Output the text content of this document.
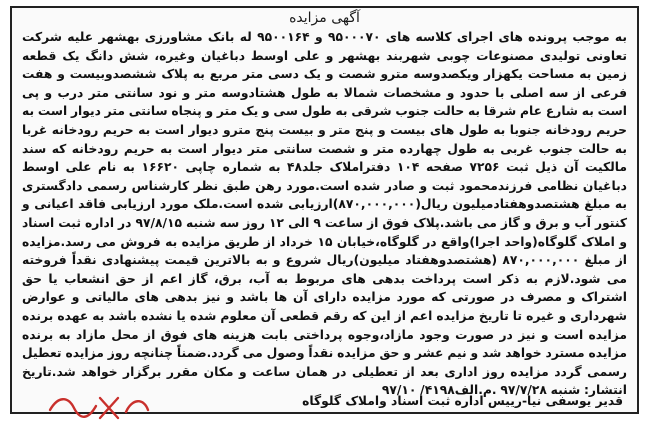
آگهی مزایده
به موجب پرونده های اجرای کلاسه های ۹۵۰۰۰۷۰ و ۹۵۰۰۱۶۴ له بانک مشاورزی بهشهر علیه شرکت تعاونی تولیدی مصنوعات چوبی شهربند بهشهر و علی اوسط دباغیان وغیره، شش دانگ یک قطعه زمین به مساحت یکهزار ویکصدوسه مترو شصت و یک دسی متر مربع به پلاک ششصدوبیست و هفت فرعی از سه اصلی با حدود و مشخصات شمالا به طول هشتادوسه متر و نود سانتی متر درب و پی است به شارع عام شرقا به حالت جنوب شرقی به طول سی و یک متر و پنجاه سانتی متر دیوار است به حریم رودخانه جنوبا به طول های بیست و پنج متر و بیست پنج مترو دیوار است به حریم رودخانه غربا به حالت جنوب غربی به طول چهارده متر و شصت سانتی متر دیوار است به حریم رودخانه که سند مالکیت آن ذیل ثبت ۷۲۵۶ صفحه ۱۰۴ دفتراملاک جلد۴۸ به شماره چاپی ۱۶۶۲۰ به نام علی اوسط دباغیان نظامی فرزندمحمود ثبت و صادر شده است.مورد رهن طبق نظر کارشناس رسمی دادگستری به مبلغ هشتصدوهفتادمیلیون ریال(۸۷۰,۰۰۰,۰۰۰)ارزیابی شده است.ملک مورد ارزیابی فاقد اعیانی و کنتور آب و برق و گاز می باشد.پلاک فوق از ساعت ۹ الی ۱۲ روز سه شنبه ۹۷/۸/۱۵ در اداره ثبت اسناد و املاک گلوگاه(واحد اجرا)واقع در گلوگاه،خیابان ۱۵ خرداد از طریق مزایده به فروش می رسد.مزایده از مبلغ ۸۷۰,۰۰۰,۰۰۰ (هشتصدوهفتاد میلیون)ریال شروع و به بالاترین قیمت پیشنهادی نقداً فروخته می شود.لازم به ذکر است پرداخت بدهی های مربوط به آب، برق، گاز اعم از حق انشعاب یا حق اشتراک و مصرف در صورتی که مورد مزایده دارای آن ها باشد و نیز بدهی های مالیاتی و عوارض شهرداری و غیره تا تاریخ مزایده اعم از این که رقم قطعی آن معلوم شده یا نشده باشد به عهده برنده مزایده است و نیز در صورت وجود مازاد،وجوه پرداختی بابت هزینه های فوق از محل مازاد به برنده مزایده مسترد خواهد شد و نیم عشر و حق مزایده نقداً وصول می گردد.ضمناً چنانچه روز مزایده تعطیل رسمی گردد مزایده روز اداری بعد از تعطیلی در همان ساعت و مکان مقرر برگزار خواهد شد.تاریخ انتشار: شنبه ۹۷/۷/۲۸ .م.الف۴۱۹۸/ ۹۷/۱۰
قدیر یوسفی نیا-رییس اداره ثبت اسناد واملاک گلوگاه
